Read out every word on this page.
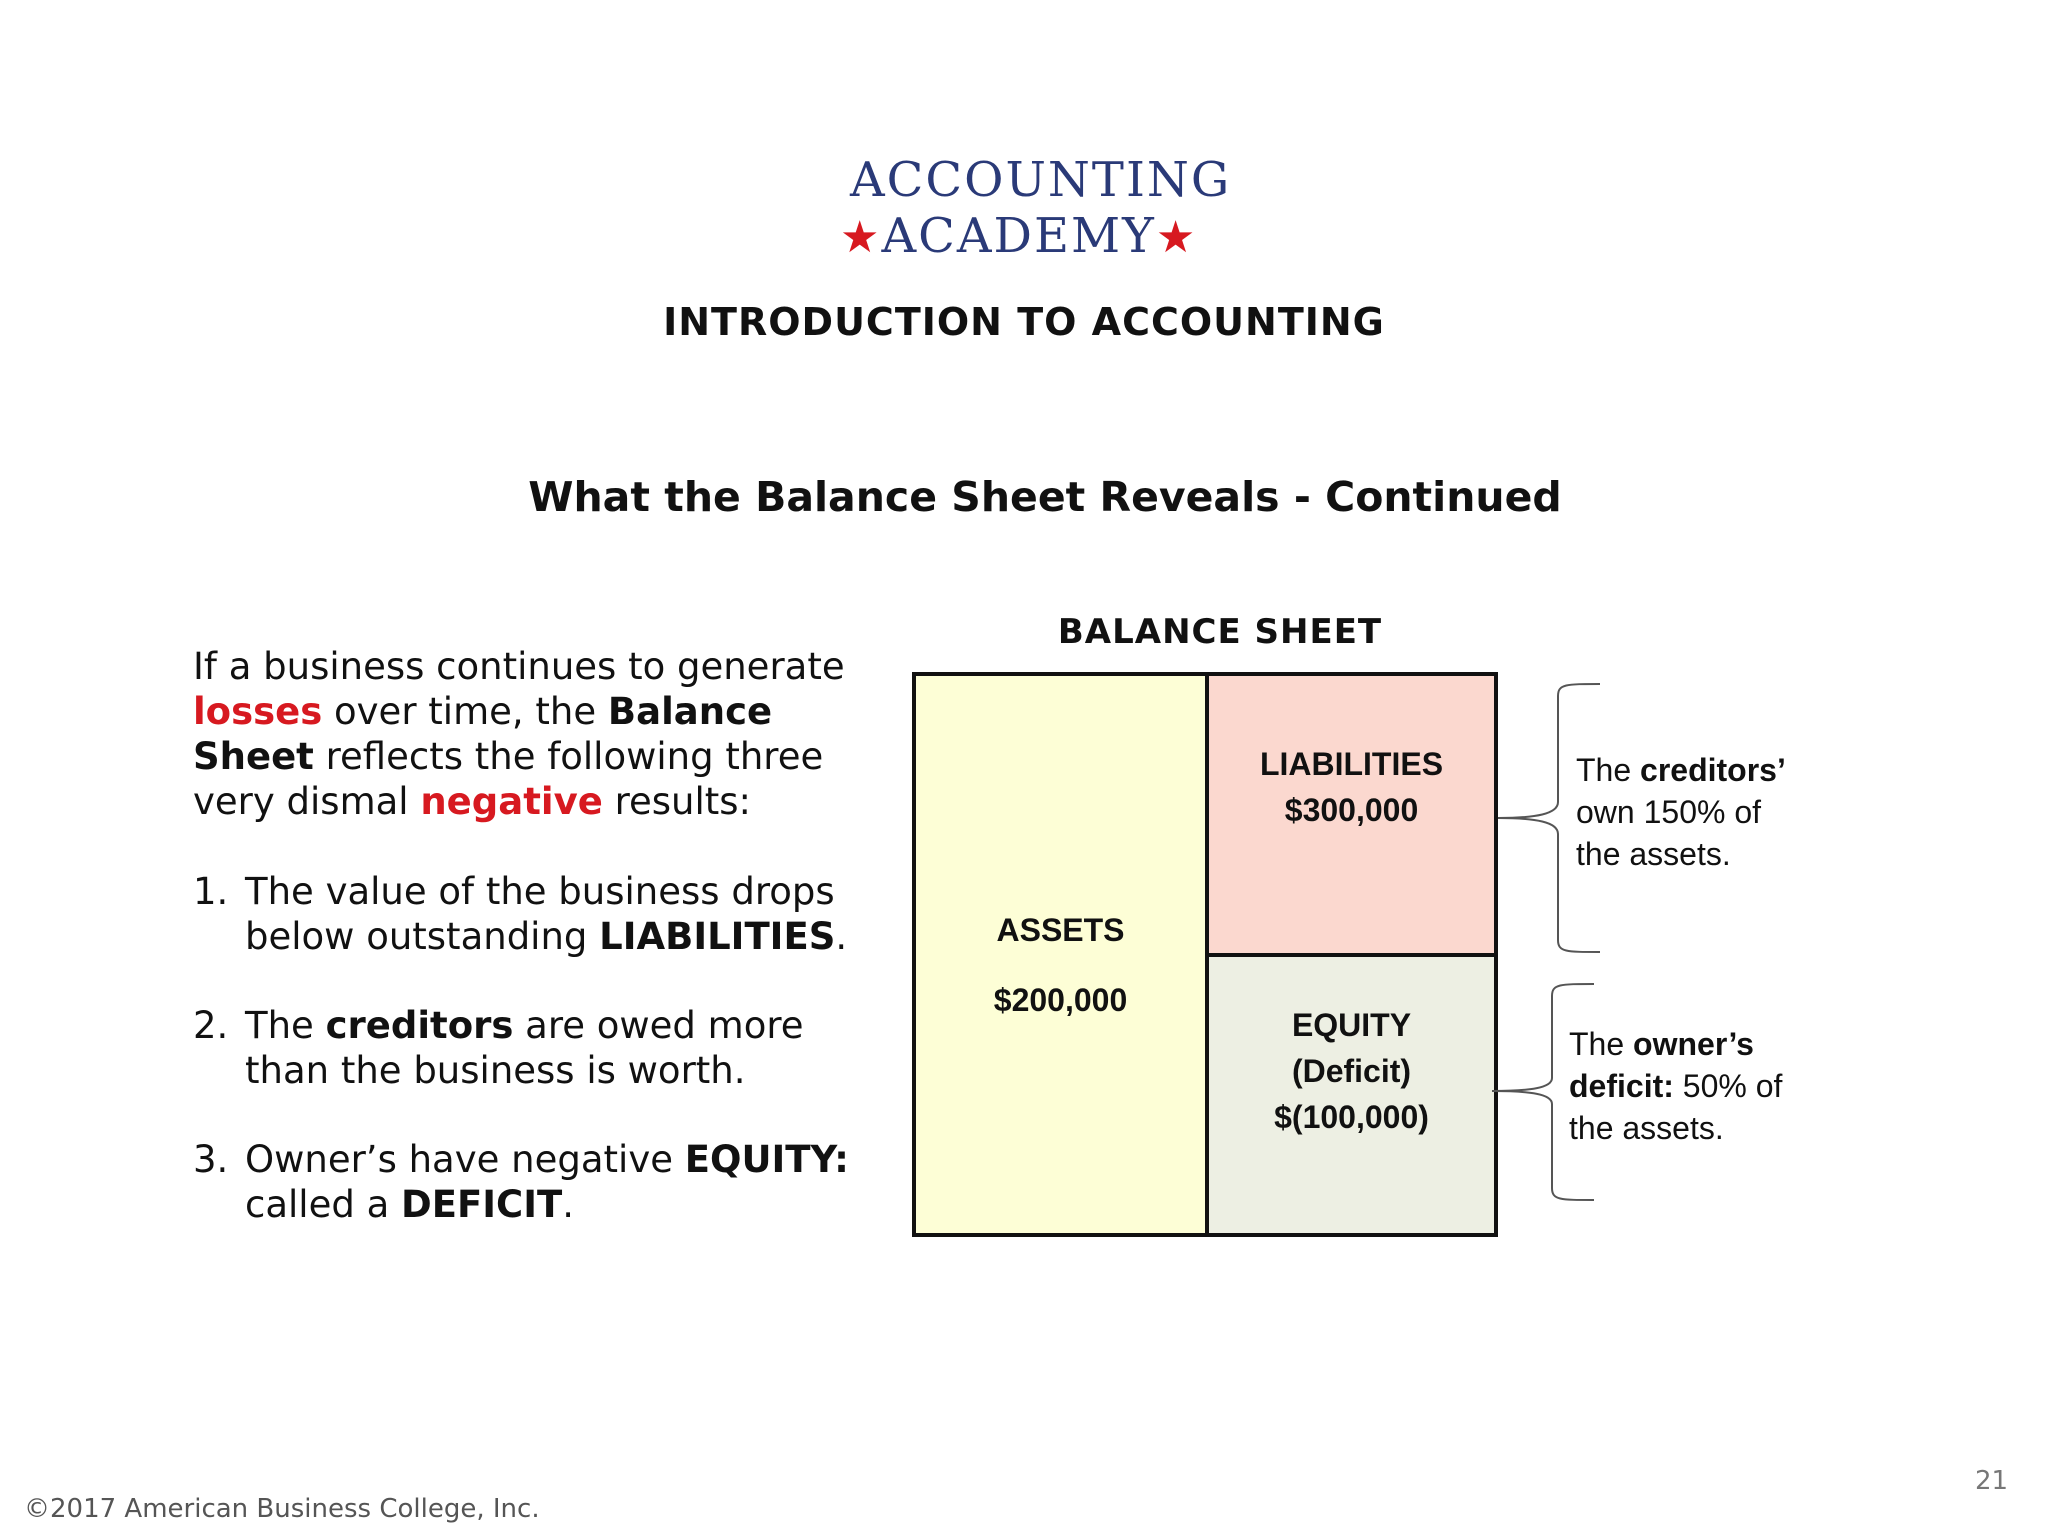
ACCOUNTING
★ACADEMY★
INTRODUCTION TO ACCOUNTING
What the Balance Sheet Reveals - Continued

If a business continues to generate losses over time, the Balance Sheet reflects the following three very dismal negative results:

1. The value of the business drops
below outstanding LIABILITIES.
2. The creditors are owed more
than the business is worth.
3. Owner’s have negative EQUITY:
called a DEFICIT.
BALANCE SHEET
ASSETS
$200,000
LIABILITIES
$300,000
EQUITY
(Deficit)
$(100,000)
The creditors’
own 150% of
the assets.
The owner’s
deficit: 50% of
the assets.
©2017 American Business College, Inc.
21
